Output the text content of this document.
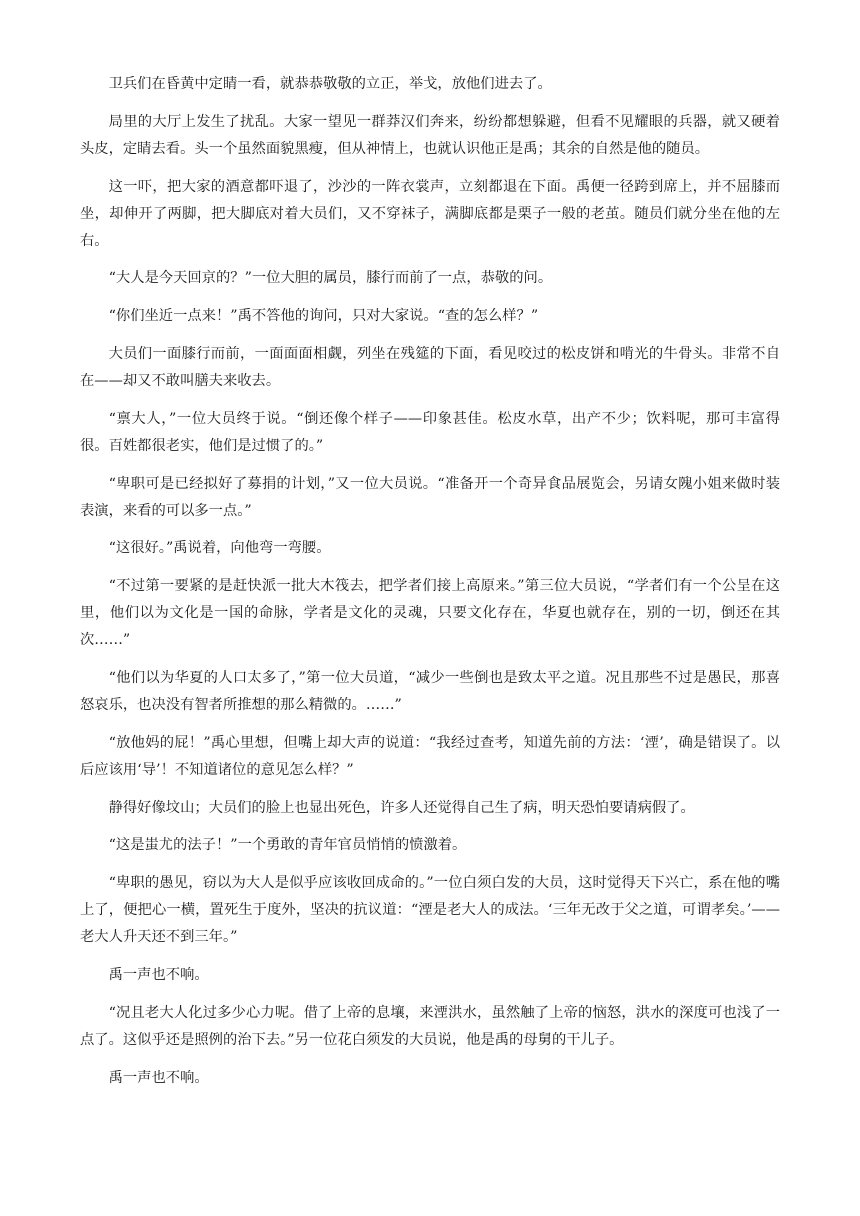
卫兵们在昏黄中定睛一看，就恭恭敬敬的立正，举戈，放他们进去了。

局里的大厅上发生了扰乱。大家一望见一群莽汉们奔来，纷纷都想躲避，但看不见耀眼的兵器，就又硬着头皮，定睛去看。头一个虽然面貌黑瘦，但从神情上，也就认识他正是禹；其余的自然是他的随员。

这一吓，把大家的酒意都吓退了，沙沙的一阵衣裳声，立刻都退在下面。禹便一径跨到席上，并不屈膝而坐，却伸开了两脚，把大脚底对着大员们，又不穿袜子，满脚底都是栗子一般的老茧。随员们就分坐在他的左右。

“大人是今天回京的？”一位大胆的属员，膝行而前了一点，恭敬的问。

“你们坐近一点来！”禹不答他的询问，只对大家说。“查的怎么样？”

大员们一面膝行而前，一面面面相觑，列坐在残筵的下面，看见咬过的松皮饼和啃光的牛骨头。非常不自在——却又不敢叫膳夫来收去。

“禀大人，”一位大员终于说。“倒还像个样子——印象甚佳。松皮水草，出产不少；饮料呢，那可丰富得很。百姓都很老实，他们是过惯了的。”

“卑职可是已经拟好了募捐的计划，”又一位大员说。“准备开一个奇异食品展览会，另请女隗小姐来做时装表演，来看的可以多一点。”

“这很好。”禹说着，向他弯一弯腰。

“不过第一要紧的是赶快派一批大木筏去，把学者们接上高原来。”第三位大员说，“学者们有一个公呈在这里，他们以为文化是一国的命脉，学者是文化的灵魂，只要文化存在，华夏也就存在，别的一切，倒还在其次……”

“他们以为华夏的人口太多了，”第一位大员道，“减少一些倒也是致太平之道。况且那些不过是愚民，那喜怒哀乐，也决没有智者所推想的那么精微的。……”

“放他妈的屁！”禹心里想，但嘴上却大声的说道：“我经过查考，知道先前的方法：‘湮’，确是错误了。以后应该用‘导’！不知道诸位的意见怎么样？”

静得好像坟山；大员们的脸上也显出死色，许多人还觉得自己生了病，明天恐怕要请病假了。

“这是蚩尤的法子！”一个勇敢的青年官员悄悄的愤激着。

“卑职的愚见，窃以为大人是似乎应该收回成命的。”一位白须白发的大员，这时觉得天下兴亡，系在他的嘴上了，便把心一横，置死生于度外，坚决的抗议道：“湮是老大人的成法。‘三年无改于父之道，可谓孝矣。’——老大人升天还不到三年。”

禹一声也不响。

“况且老大人化过多少心力呢。借了上帝的息壤，来湮洪水，虽然触了上帝的恼怒，洪水的深度可也浅了一点了。这似乎还是照例的治下去。”另一位花白须发的大员说，他是禹的母舅的干儿子。

禹一声也不响。
